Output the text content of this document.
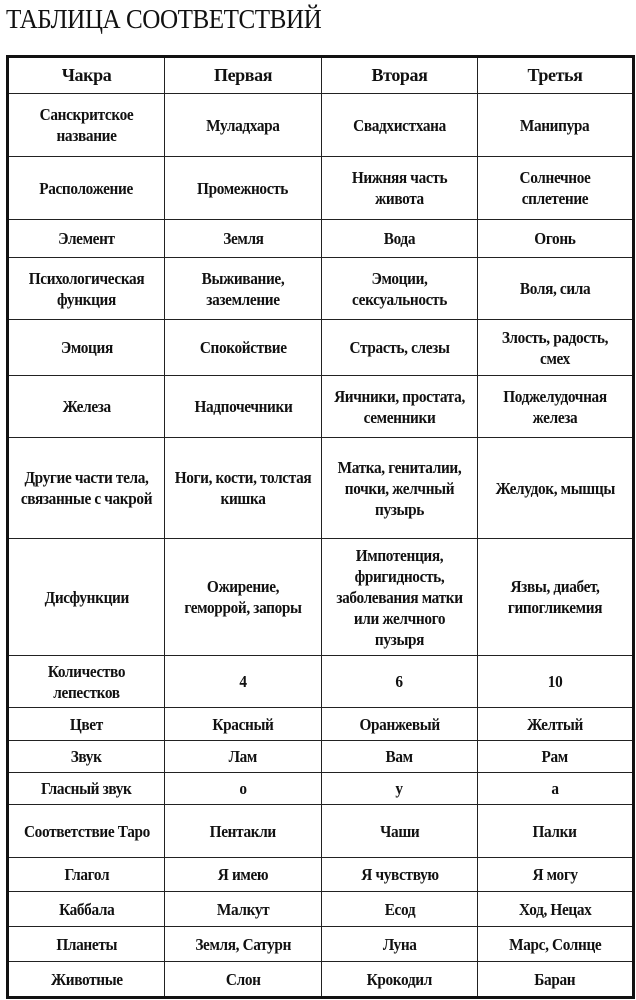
ТАБЛИЦА СООТВЕТСТВИЙ
Чакра	Первая	Вторая	Третья
Санскритское название	Муладхара	Свадхистхана	Манипура
Расположение	Промежность	Нижняя часть живота	Солнечное сплетение
Элемент	Земля	Вода	Огонь
Психологическая функция	Выживание, заземление	Эмоции, сексуальность	Воля, сила
Эмоция	Спокойствие	Страсть, слезы	Злость, радость, смех
Железа	Надпочечники	Яичники, простата, семенники	Поджелудочная железа
Другие части тела, связанные с чакрой	Ноги, кости, толстая кишка	Матка, гениталии, почки, желчный пузырь	Желудок, мышцы
Дисфункции	Ожирение, геморрой, запоры	Импотенция, фригидность, заболевания матки или желчного пузыря	Язвы, диабет, гипогликемия
Количество лепестков	4	6	10
Цвет	Красный	Оранжевый	Желтый
Звук	Лам	Вам	Рам
Гласный звук	о	у	а
Соответствие Таро	Пентакли	Чаши	Палки
Глагол	Я имею	Я чувствую	Я могу
Каббала	Малкут	Есод	Ход, Нецах
Планеты	Земля, Сатурн	Луна	Марс, Солнце
Животные	Слон	Крокодил	Баран
